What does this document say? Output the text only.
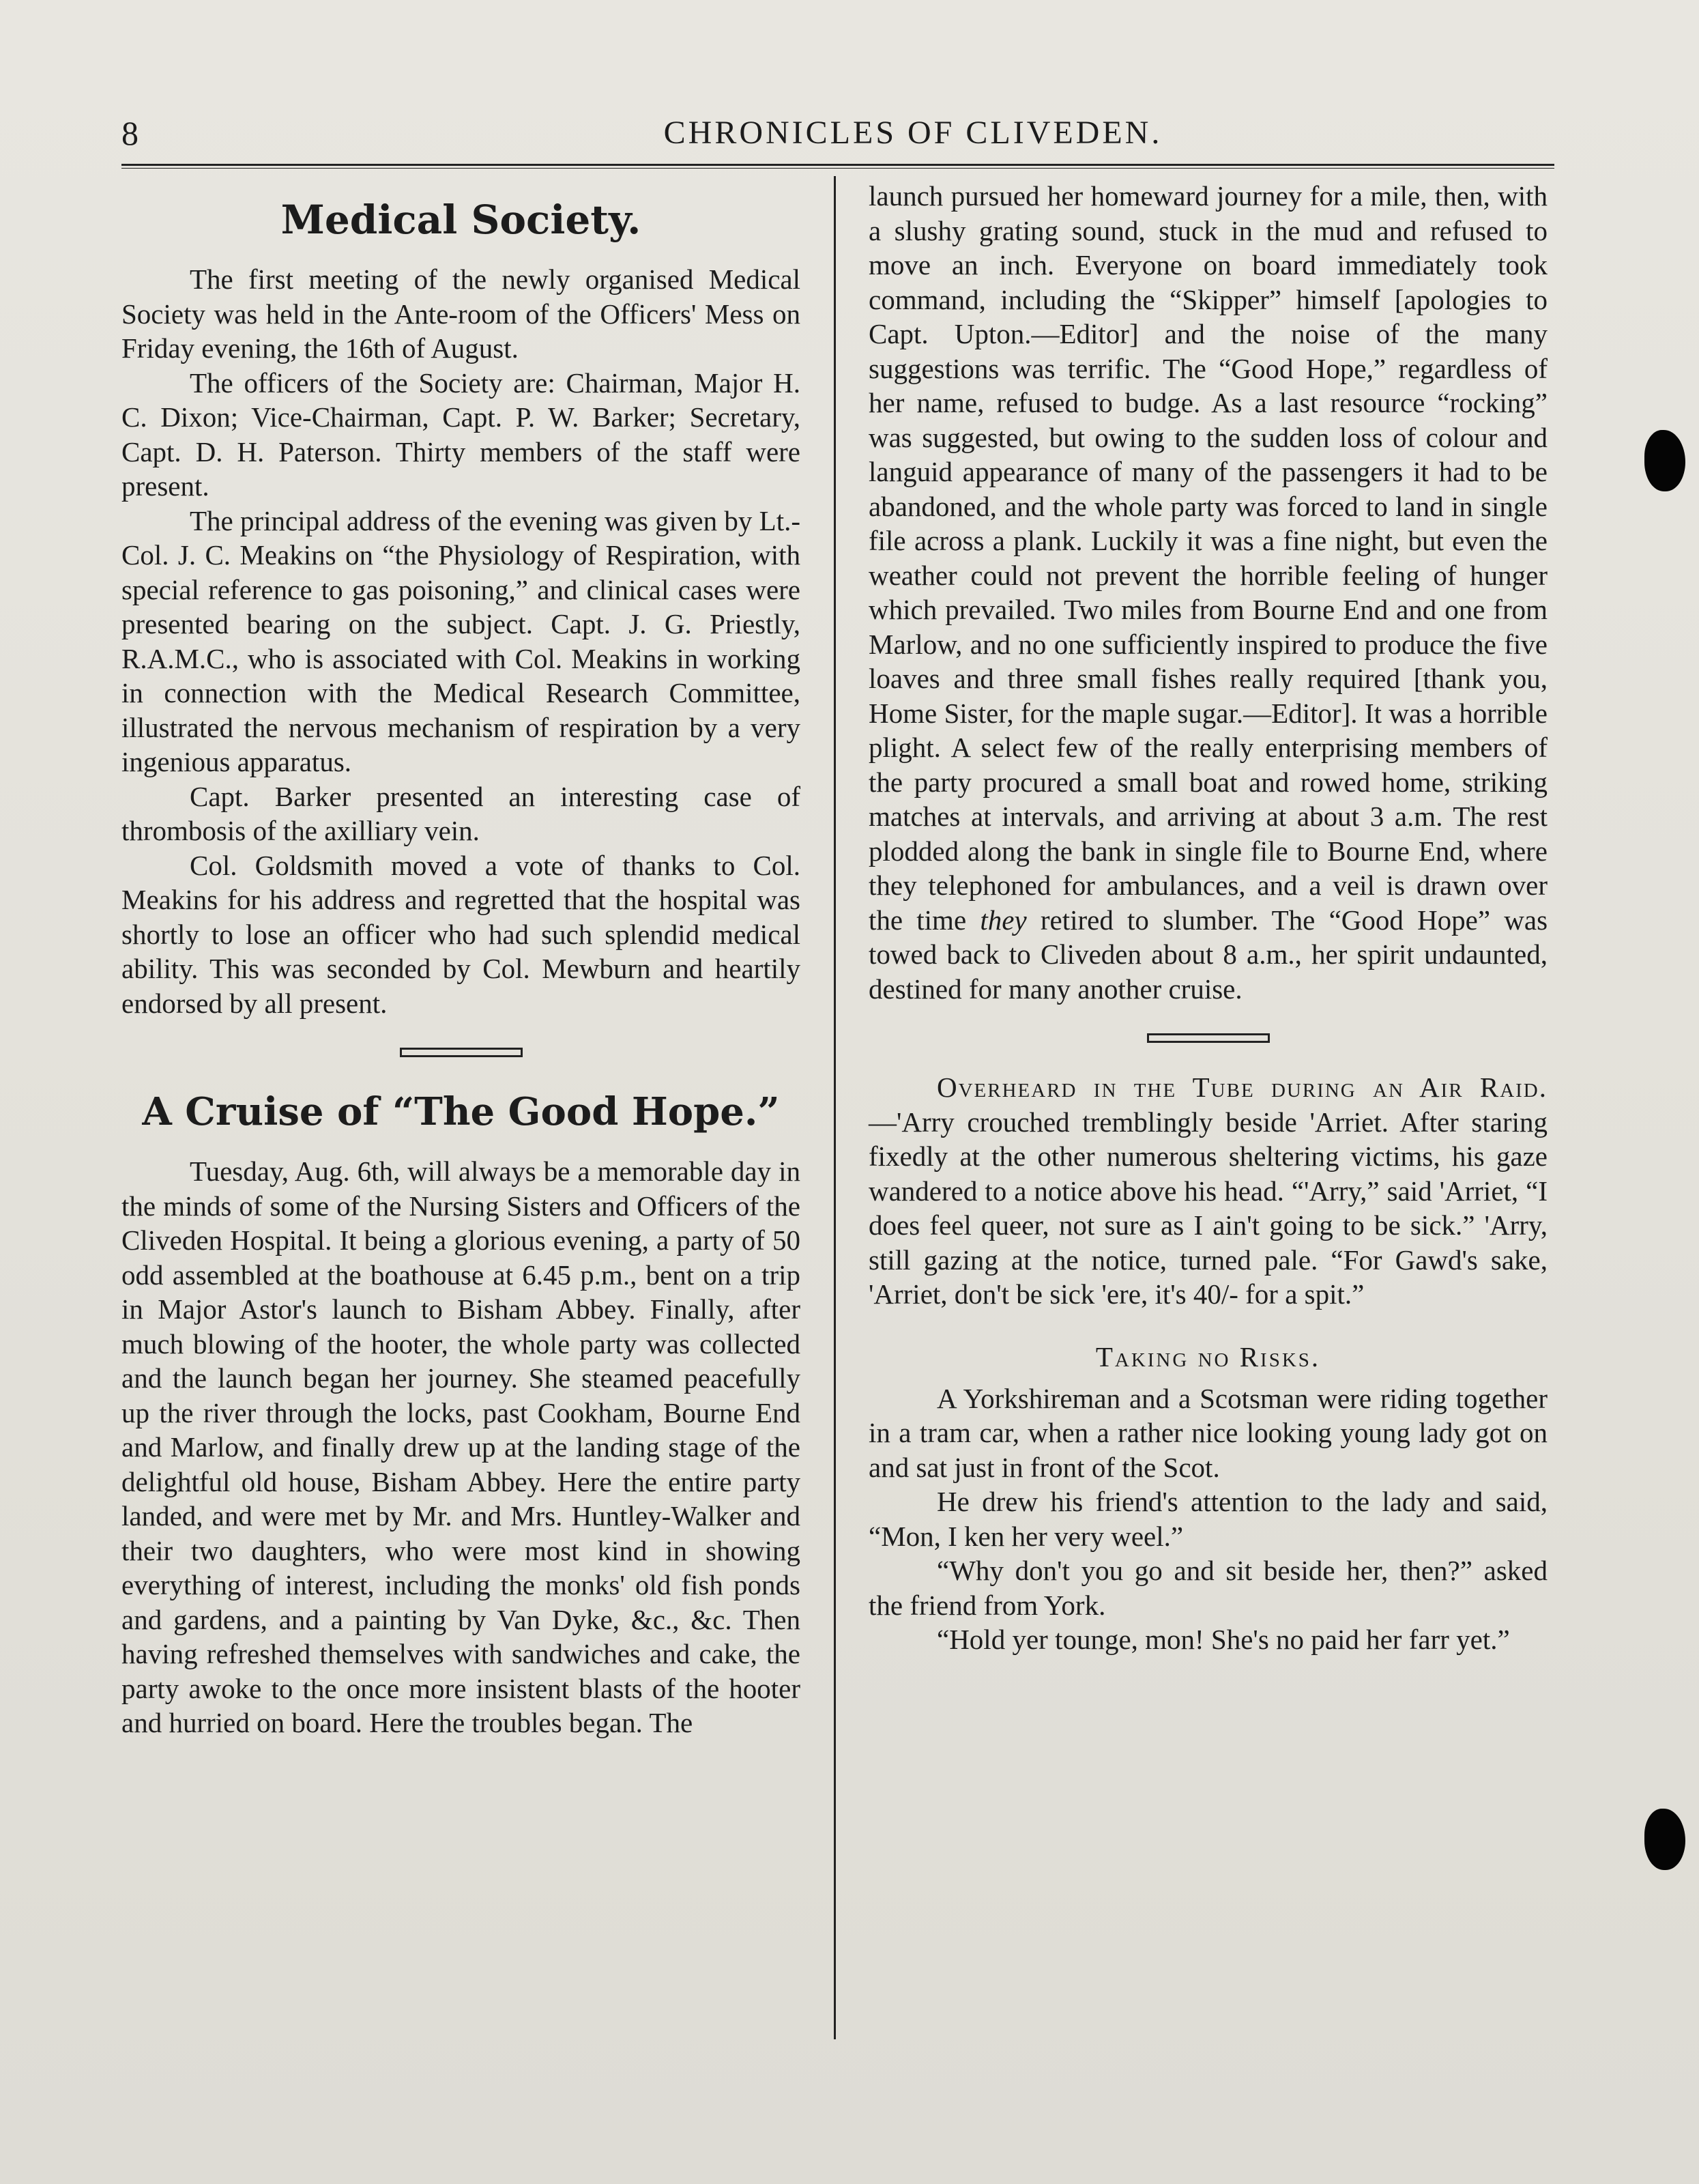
8	CHRONICLES OF CLIVEDEN.
Medical Society.

The first meeting of the newly organised Medical Society was held in the Ante-room of the Officers' Mess on Friday evening, the 16th of August.

The officers of the Society are: Chairman, Major H. C. Dixon; Vice-Chairman, Capt. P. W. Barker; Secretary, Capt. D. H. Paterson. Thirty members of the staff were present.

The principal address of the evening was given by Lt.-Col. J. C. Meakins on “the Physiology of Respiration, with special reference to gas poisoning,” and clinical cases were presented bearing on the subject. Capt. J. G. Priestly, R.A.M.C., who is associated with Col. Meakins in working in connection with the Medical Research Committee, illustrated the nervous mechanism of respiration by a very ingenious apparatus.

Capt. Barker presented an interesting case of thrombosis of the axilliary vein.

Col. Goldsmith moved a vote of thanks to Col. Meakins for his address and regretted that the hospital was shortly to lose an officer who had such splendid medical ability. This was seconded by Col. Mewburn and heartily endorsed by all present.

A Cruise of “The Good Hope.”

Tuesday, Aug. 6th, will always be a memorable day in the minds of some of the Nursing Sisters and Officers of the Cliveden Hospital. It being a glorious evening, a party of 50 odd assembled at the boathouse at 6.45 p.m., bent on a trip in Major Astor's launch to Bisham Abbey. Finally, after much blowing of the hooter, the whole party was collected and the launch began her journey. She steamed peacefully up the river through the locks, past Cookham, Bourne End and Marlow, and finally drew up at the landing stage of the delightful old house, Bisham Abbey. Here the entire party landed, and were met by Mr. and Mrs. Huntley-Walker and their two daughters, who were most kind in showing everything of interest, including the monks' old fish ponds and gardens, and a painting by Van Dyke, &c., &c. Then having refreshed themselves with sandwiches and cake, the party awoke to the once more insistent blasts of the hooter and hurried on board. Here the troubles began. The

launch pursued her homeward journey for a mile, then, with a slushy grating sound, stuck in the mud and refused to move an inch. Everyone on board immediately took command, including the “Skipper” himself [apologies to Capt. Upton.—Editor] and the noise of the many suggestions was terrific. The “Good Hope,” regardless of her name, refused to budge. As a last resource “rocking” was suggested, but owing to the sudden loss of colour and languid appearance of many of the passengers it had to be abandoned, and the whole party was forced to land in single file across a plank. Luckily it was a fine night, but even the weather could not prevent the horrible feeling of hunger which prevailed. Two miles from Bourne End and one from Marlow, and no one sufficiently inspired to produce the five loaves and three small fishes really required [thank you, Home Sister, for the maple sugar.—Editor]. It was a horrible plight. A select few of the really enterprising members of the party procured a small boat and rowed home, striking matches at intervals, and arriving at about 3 a.m. The rest plodded along the bank in single file to Bourne End, where they telephoned for ambulances, and a veil is drawn over the time they retired to slumber. The “Good Hope” was towed back to Cliveden about 8 a.m., her spirit undaunted, destined for many another cruise.

Overheard in the Tube during an Air Raid.—'Arry crouched tremblingly beside 'Arriet. After staring fixedly at the other numerous sheltering victims, his gaze wandered to a notice above his head. “'Arry,” said 'Arriet, “I does feel queer, not sure as I ain't going to be sick.” 'Arry, still gazing at the notice, turned pale. “For Gawd's sake, 'Arriet, don't be sick 'ere, it's 40/- for a spit.”

Taking no Risks.

A Yorkshireman and a Scotsman were riding together in a tram car, when a rather nice looking young lady got on and sat just in front of the Scot.

He drew his friend's attention to the lady and said, “Mon, I ken her very weel.”

“Why don't you go and sit beside her, then?” asked the friend from York.

“Hold yer tounge, mon! She's no paid her farr yet.”
